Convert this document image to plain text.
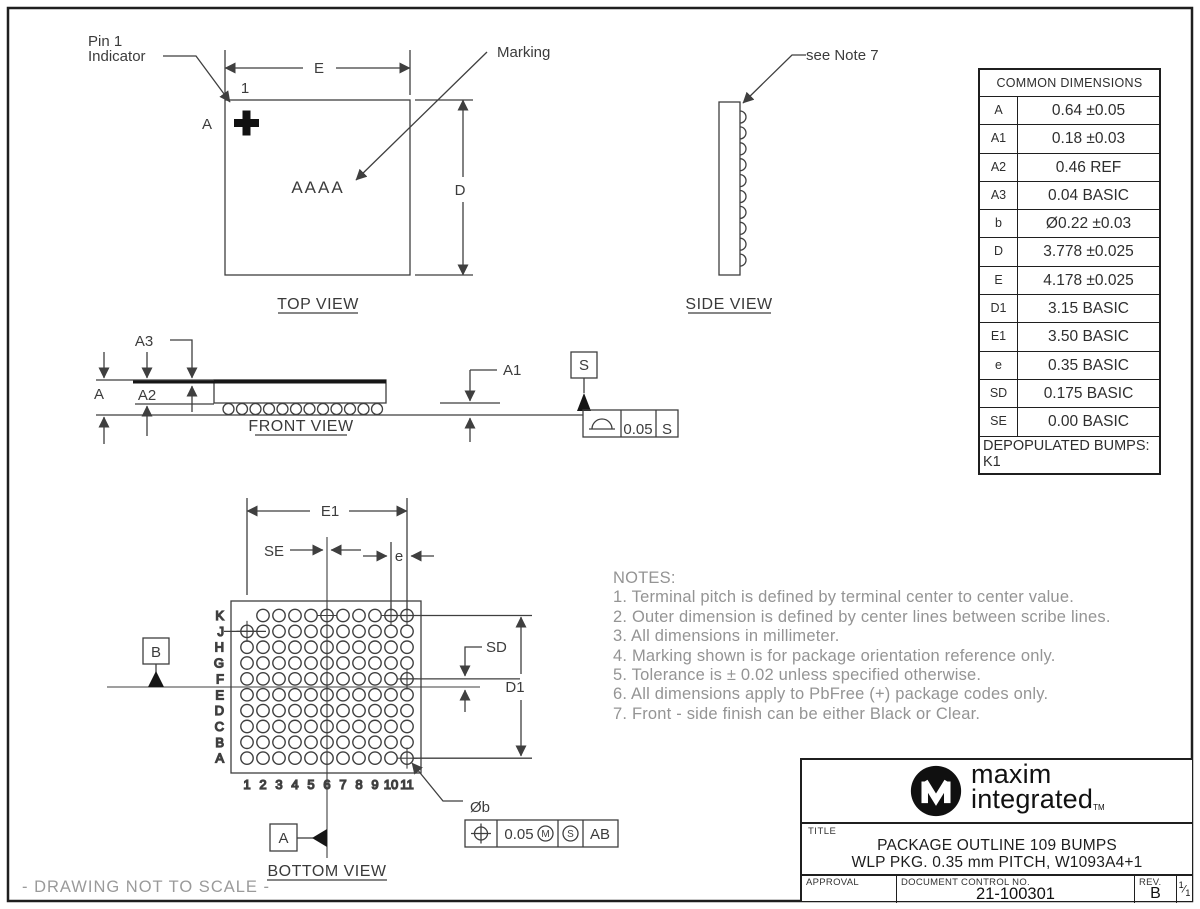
Pin 1
Indicator	Marking
E
D
1
A
AAAA
TOP VIEW
see Note 7
SIDE VIEW
A A2
A3
A1	S
0.05 S
FRONT VIEW
K
J
H
G
F
E
D
C
B
A
1 2 3 4 5 6 7 8 9 10 11
E1
SE	e
SD
D1
Øb
B
A	0.05 M S AB
BOTTOM VIEW
COMMON DIMENSIONS
A	0.64 ±0.05
A1	0.18 ±0.03
A2	0.46 REF
A3	0.04 BASIC
b	Ø0.22 ±0.03
D	3.778 ±0.025
E	4.178 ±0.025
D1	3.15 BASIC
E1	3.50 BASIC
e	0.35 BASIC
SD	0.175 BASIC
SE	0.00 BASIC
DEPOPULATED BUMPS:
K1
NOTES:
1. Terminal pitch is defined by terminal center to center value.
2. Outer dimension is defined by center lines between scribe lines.
3. All dimensions in millimeter.
4. Marking shown is for package orientation reference only.
5. Tolerance is ± 0.02 unless specified otherwise.
6. All dimensions apply to PbFree (+) package codes only.
7. Front - side finish can be either Black or Clear.
- DRAWING NOT TO SCALE -
maxim
integratedTM
TITLE
PACKAGE OUTLINE 109 BUMPS
WLP PKG. 0.35 mm PITCH, W1093A4+1
APPROVAL	DOCUMENT CONTROL NO.
21-100301
REV.
B	$^1⁄_1$
